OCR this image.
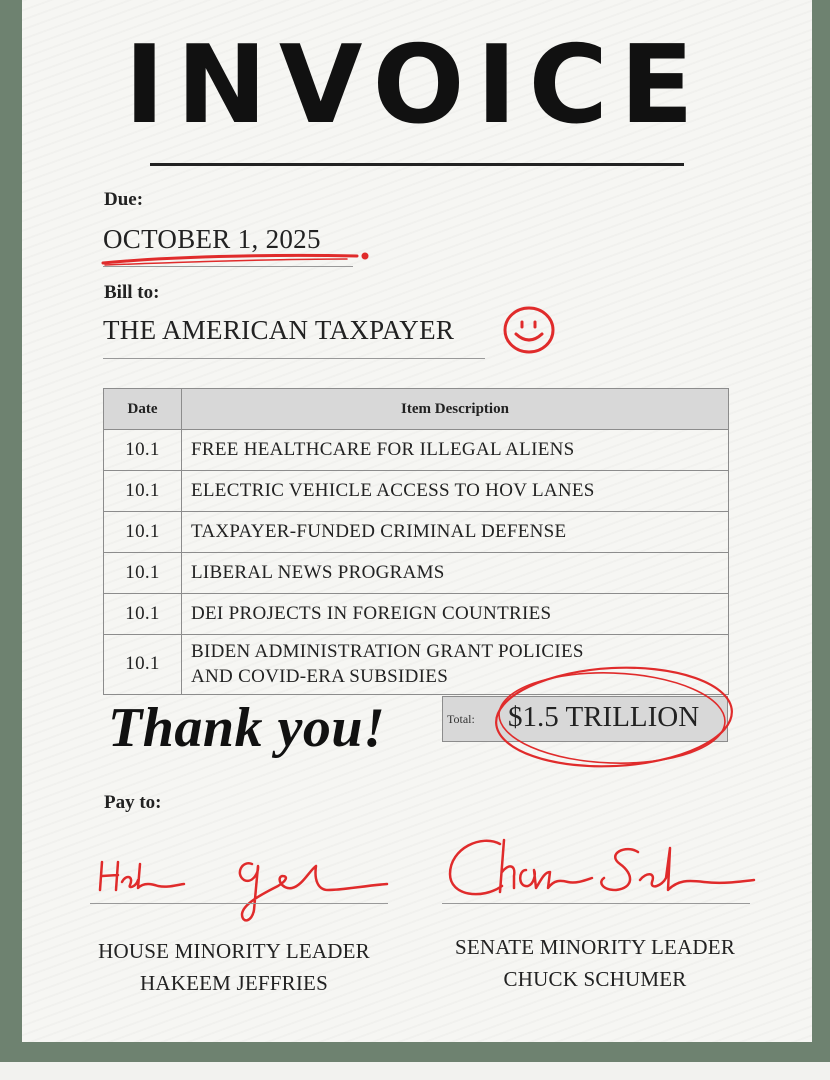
INVOICE
Due:
OCTOBER 1, 2025
Bill to:
THE AMERICAN TAXPAYER
Date	Item Description
10.1	FREE HEALTHCARE FOR ILLEGAL ALIENS
10.1	ELECTRIC VEHICLE ACCESS TO HOV LANES
10.1	TAXPAYER-FUNDED CRIMINAL DEFENSE
10.1	LIBERAL NEWS PROGRAMS
10.1	DEI PROJECTS IN FOREIGN COUNTRIES
10.1	BIDEN ADMINISTRATION GRANT POLICIES
AND COVID-ERA SUBSIDIES
Thank you!	Total: $1.5 TRILLION
Pay to:
HOUSE MINORITY LEADER
HAKEEM JEFFRIES
SENATE MINORITY LEADER
CHUCK SCHUMER
